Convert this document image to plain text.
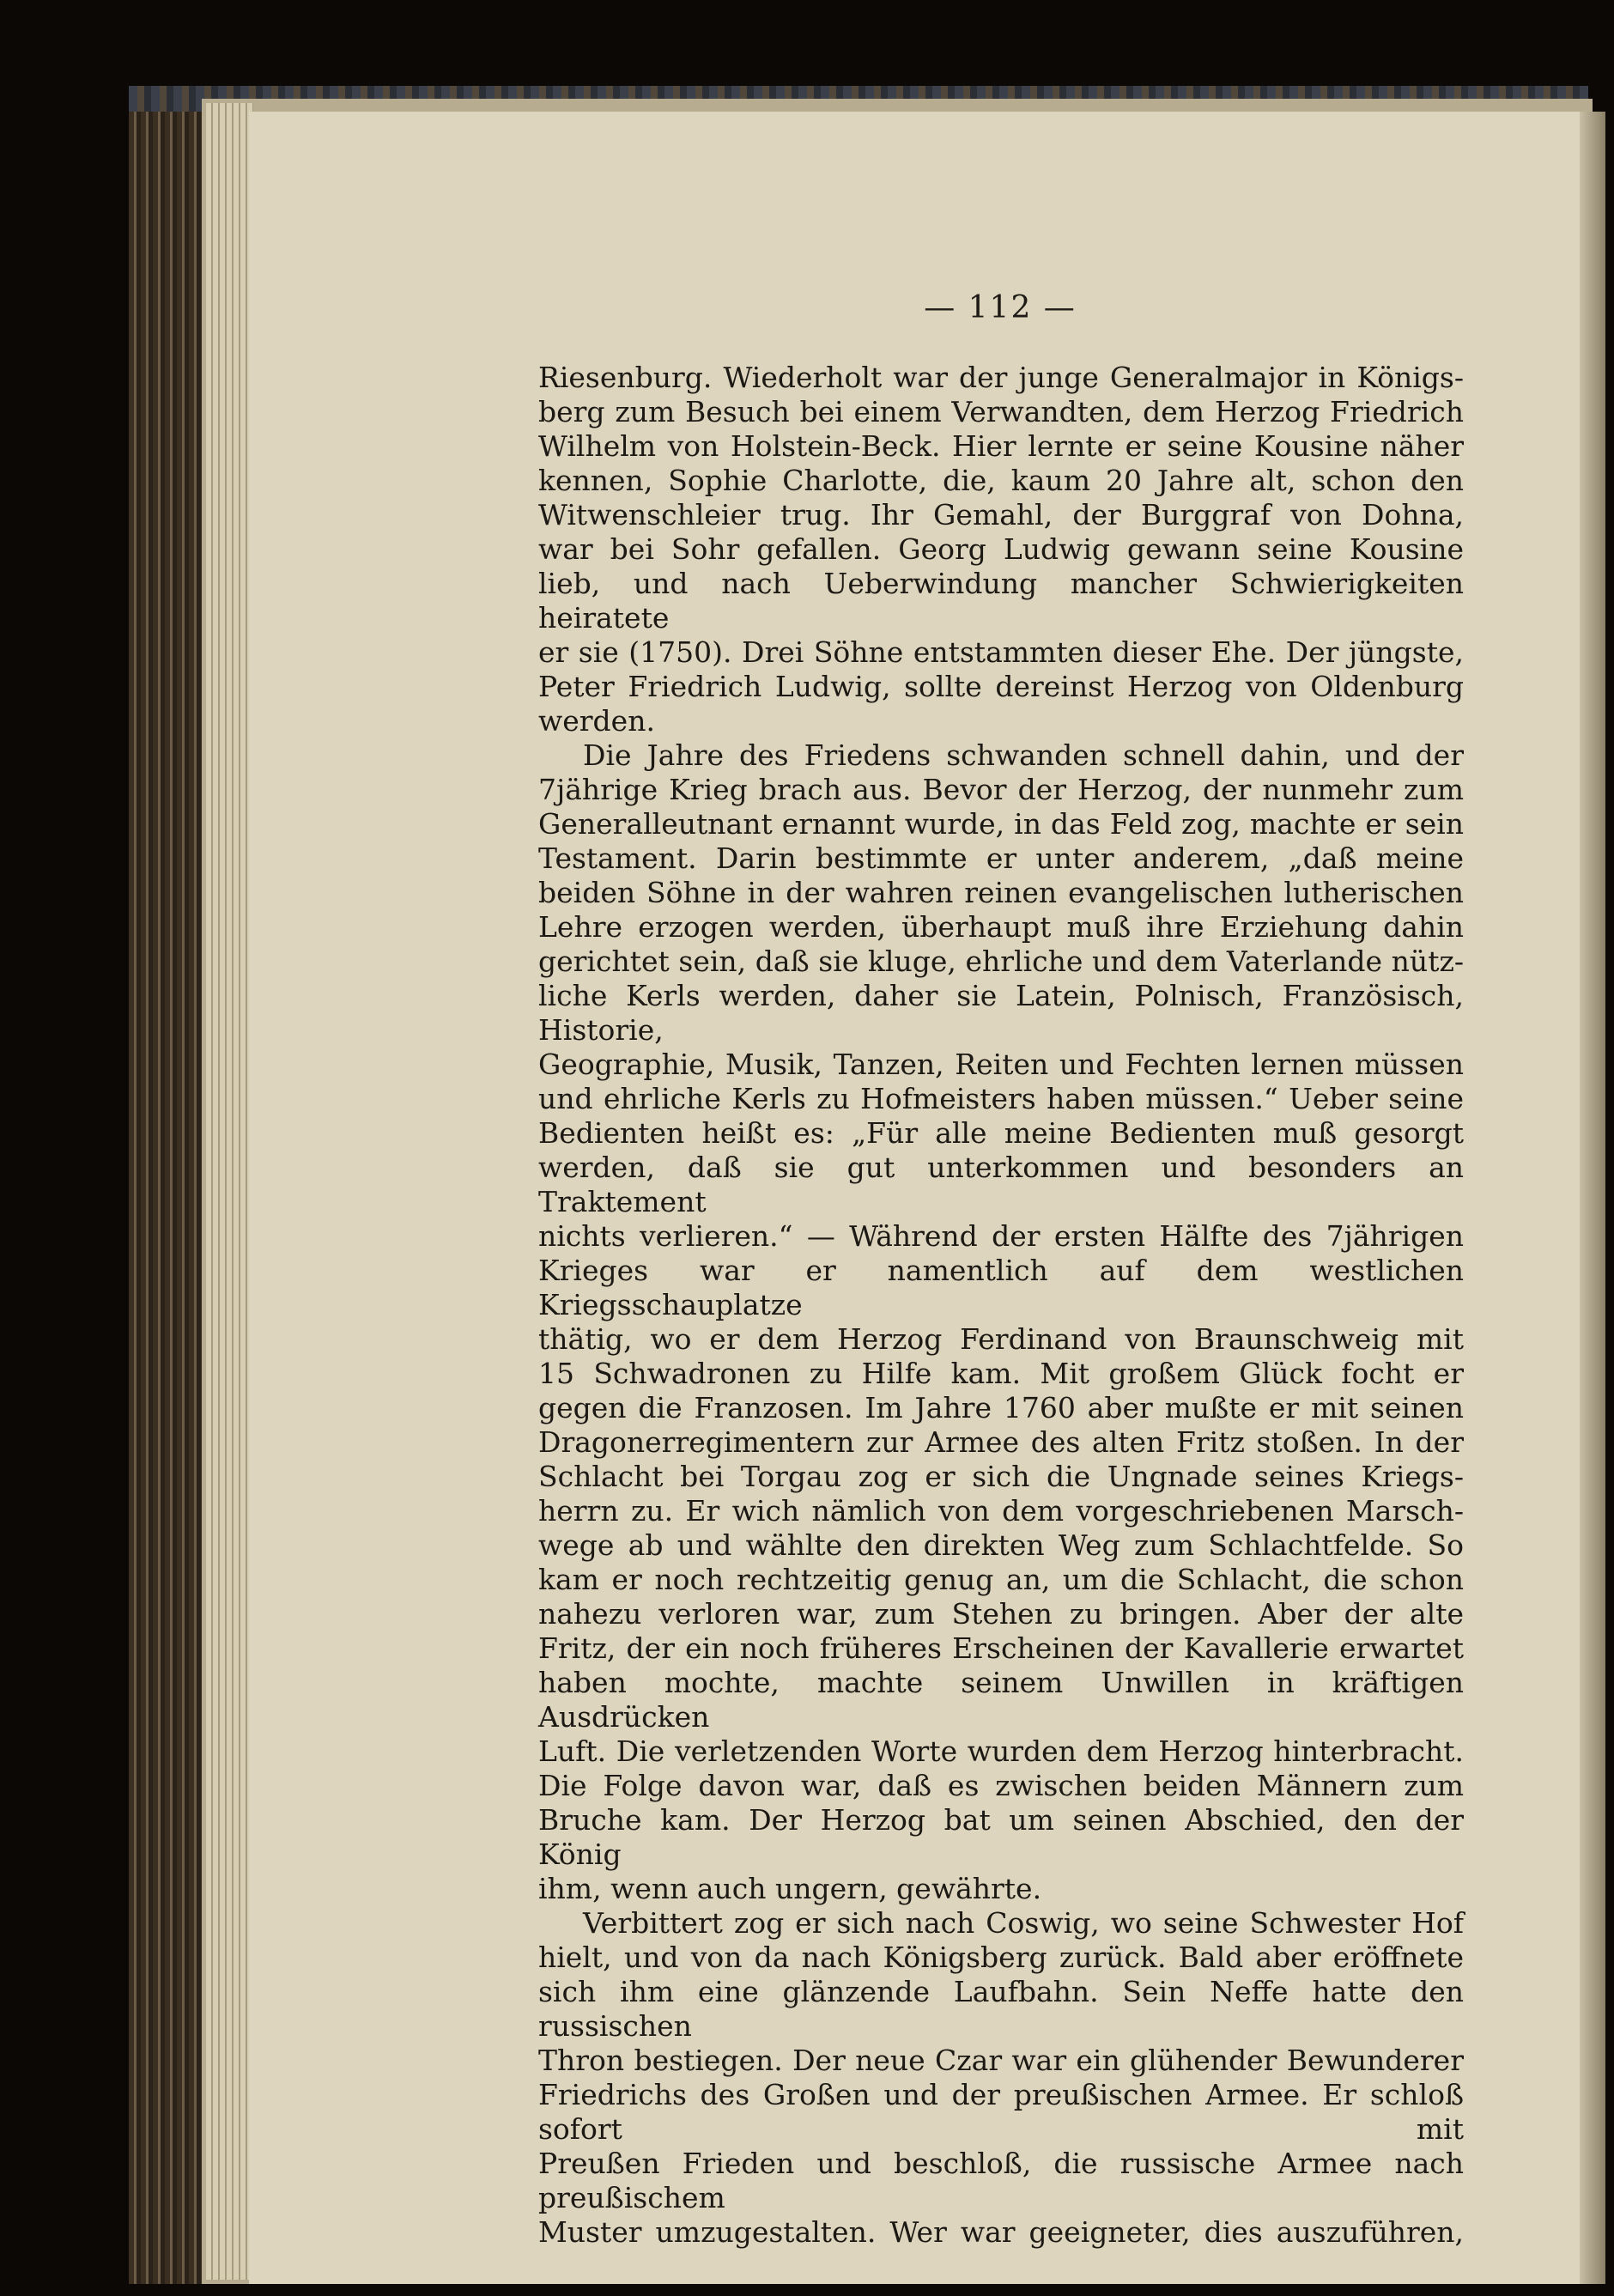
— 112 —

Riesenburg. Wiederholt war der junge Generalmajor in Königs-

berg zum Besuch bei einem Verwandten, dem Herzog Friedrich

Wilhelm von Holstein-Beck. Hier lernte er seine Kousine näher

kennen, Sophie Charlotte, die, kaum 20 Jahre alt, schon den

Witwenschleier trug. Ihr Gemahl, der Burggraf von Dohna,

war bei Sohr gefallen. Georg Ludwig gewann seine Kousine

lieb, und nach Ueberwindung mancher Schwierigkeiten heiratete

er sie (1750). Drei Söhne entstammten dieser Ehe. Der jüngste,

Peter Friedrich Ludwig, sollte dereinst Herzog von Oldenburg werden.

Die Jahre des Friedens schwanden schnell dahin, und der

7jährige Krieg brach aus. Bevor der Herzog, der nunmehr zum

Generalleutnant ernannt wurde, in das Feld zog, machte er sein

Testament. Darin bestimmte er unter anderem, „daß meine

beiden Söhne in der wahren reinen evangelischen lutherischen

Lehre erzogen werden, überhaupt muß ihre Erziehung dahin

gerichtet sein, daß sie kluge, ehrliche und dem Vaterlande nütz-

liche Kerls werden, daher sie Latein, Polnisch, Französisch, Historie,

Geographie, Musik, Tanzen, Reiten und Fechten lernen müssen

und ehrliche Kerls zu Hofmeisters haben müssen.“ Ueber seine

Bedienten heißt es: „Für alle meine Bedienten muß gesorgt

werden, daß sie gut unterkommen und besonders an Traktement

nichts verlieren.“ — Während der ersten Hälfte des 7jährigen

Krieges war er namentlich auf dem westlichen Kriegsschauplatze

thätig, wo er dem Herzog Ferdinand von Braunschweig mit

15 Schwadronen zu Hilfe kam. Mit großem Glück focht er

gegen die Franzosen. Im Jahre 1760 aber mußte er mit seinen

Dragonerregimentern zur Armee des alten Fritz stoßen. In der

Schlacht bei Torgau zog er sich die Ungnade seines Kriegs-

herrn zu. Er wich nämlich von dem vorgeschriebenen Marsch-

wege ab und wählte den direkten Weg zum Schlachtfelde. So

kam er noch rechtzeitig genug an, um die Schlacht, die schon

nahezu verloren war, zum Stehen zu bringen. Aber der alte

Fritz, der ein noch früheres Erscheinen der Kavallerie erwartet

haben mochte, machte seinem Unwillen in kräftigen Ausdrücken

Luft. Die verletzenden Worte wurden dem Herzog hinterbracht.

Die Folge davon war, daß es zwischen beiden Männern zum

Bruche kam. Der Herzog bat um seinen Abschied, den der König

ihm, wenn auch ungern, gewährte.

Verbittert zog er sich nach Coswig, wo seine Schwester Hof

hielt, und von da nach Königsberg zurück. Bald aber eröffnete

sich ihm eine glänzende Laufbahn. Sein Neffe hatte den russischen

Thron bestiegen. Der neue Czar war ein glühender Bewunderer

Friedrichs des Großen und der preußischen Armee. Er schloß sofort mit

Preußen Frieden und beschloß, die russische Armee nach preußischem

Muster umzugestalten. Wer war geeigneter, dies auszuführen,
